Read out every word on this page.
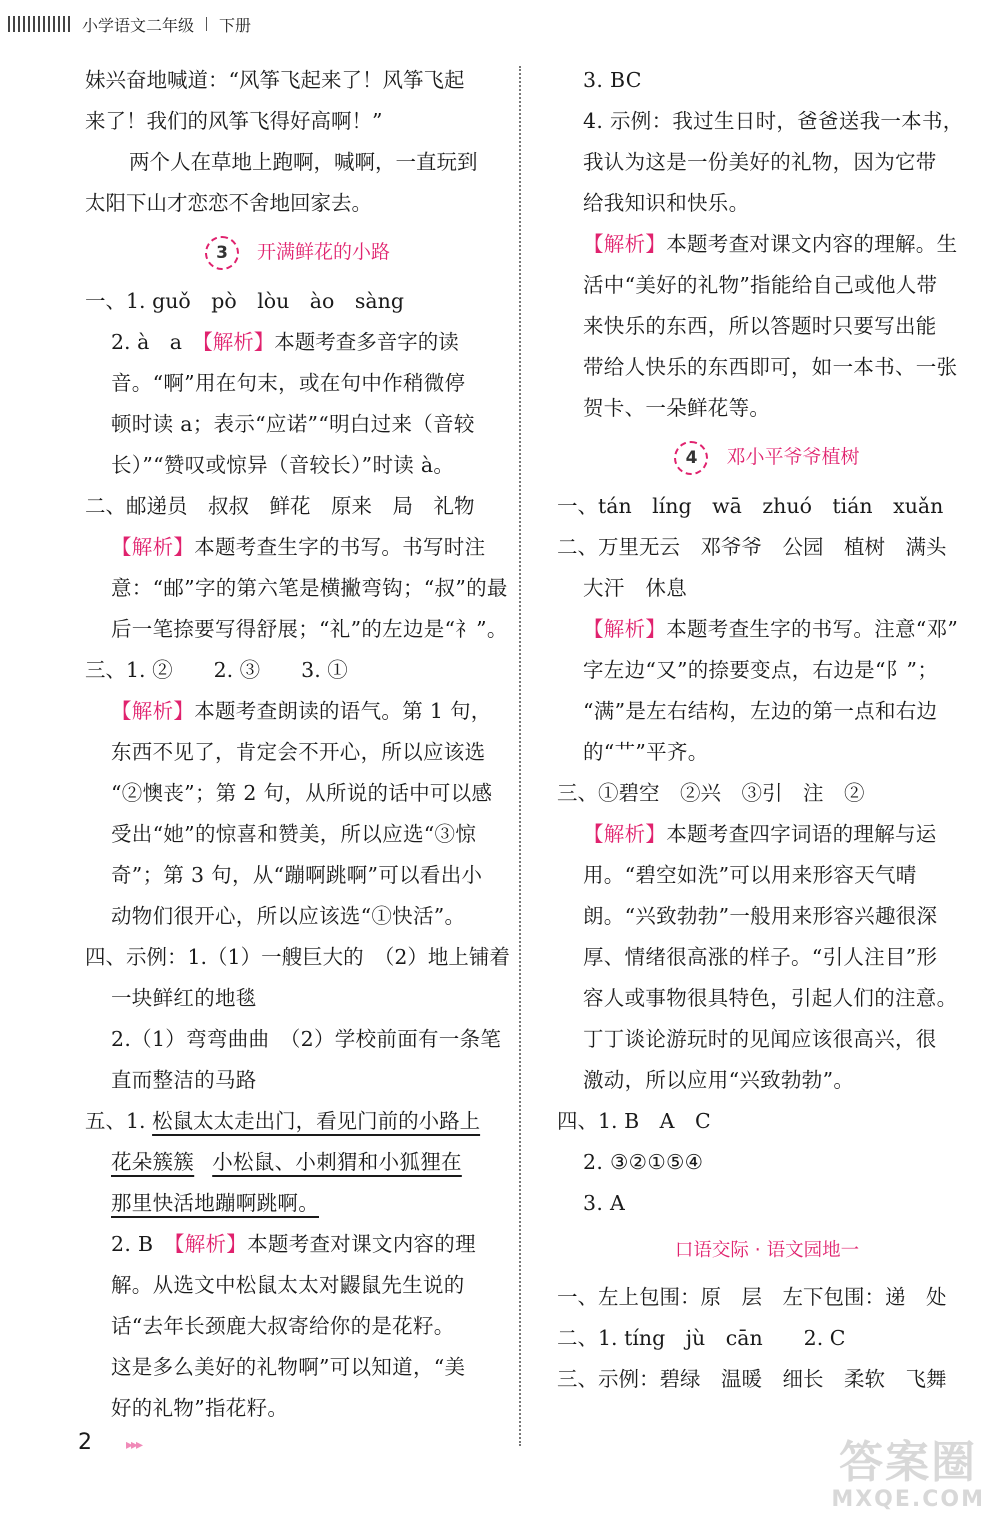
小学语文二年级 下册

妹兴奋地喊道：“风筝飞起来了！风筝飞起

来了！我们的风筝飞得好高啊！”

两个人在草地上跑啊，喊啊，一直玩到

太阳下山才恋恋不舍地回家去。

3 开满鲜花的小路

一、1. guǒ　pò　lòu　ào　sàng

2. à　a　 【解析】本题考查多音字的读

音。“啊”用在句末，或在句中作稍微停

顿时读 a；表示“应诺”“明白过来（音较

长）”“赞叹或惊异（音较长）”时读 à。

二、邮递员　叔叔　鲜花　原来　局　礼物

【解析】本题考查生字的书写。书写时注

意：“邮”字的第六笔是横撇弯钩；“叔”的最

后一笔捺要写得舒展；“礼”的左边是“礻”。

三、1. ②　　2. ③　　3. ①

【解析】本题考查朗读的语气。第 1 句，

东西不见了，肯定会不开心，所以应该选

“②懊丧”；第 2 句，从所说的话中可以感

受出“她”的惊喜和赞美，所以应选“③惊

奇”；第 3 句，从“蹦啊跳啊”可以看出小

动物们很开心，所以应该选“①快活”。

四、示例：1.（1）一艘巨大的　（2）地上铺着

一块鲜红的地毯

2.（1）弯弯曲曲　（2）学校前面有一条笔

直而整洁的马路

五、1. 松鼠太太走出门，看见门前的小路上

花朵簇簇 小松鼠、小刺猬和小狐狸在

那里快活地蹦啊跳啊。

2. B　 【解析】本题考查对课文内容的理

解。从选文中松鼠太太对鼹鼠先生说的

话“去年长颈鹿大叔寄给你的是花籽。

这是多么美好的礼物啊”可以知道，“美

好的礼物”指花籽。

3. BC

4. 示例：我过生日时，爸爸送我一本书，

我认为这是一份美好的礼物，因为它带

给我知识和快乐。

【解析】本题考查对课文内容的理解。生

活中“美好的礼物”指能给自己或他人带

来快乐的东西，所以答题时只要写出能

带给人快乐的东西即可，如一本书、一张

贺卡、一朵鲜花等。

4 邓小平爷爷植树

一、tán　líng　wā　zhuó　tián　xuǎn

二、万里无云　邓爷爷　公园　植树　满头

大汗　休息

【解析】本题考查生字的书写。注意“邓”

字左边“又”的捺要变点，右边是“阝”；

“满”是左右结构，左边的第一点和右边

的“艹”平齐。

三、①碧空　②兴　③引　注　②

【解析】本题考查四字词语的理解与运

用。“碧空如洗”可以用来形容天气晴

朗。“兴致勃勃”一般用来形容兴趣很深

厚、情绪很高涨的样子。“引人注目”形

容人或事物很具特色，引起人们的注意。

丁丁谈论游玩时的见闻应该很高兴，很

激动，所以应用“兴致勃勃”。

四、1. B　A　C

2. ③②①⑤④

3. A

口语交际 · 语文园地一

一、左上包围：原　层　左下包围：递　处

二、1. tíng　jù　cān　　2. C

三、示例：碧绿　温暖　细长　柔软　飞舞

2 ▸▸▸	答案圈
MXQE.COM
